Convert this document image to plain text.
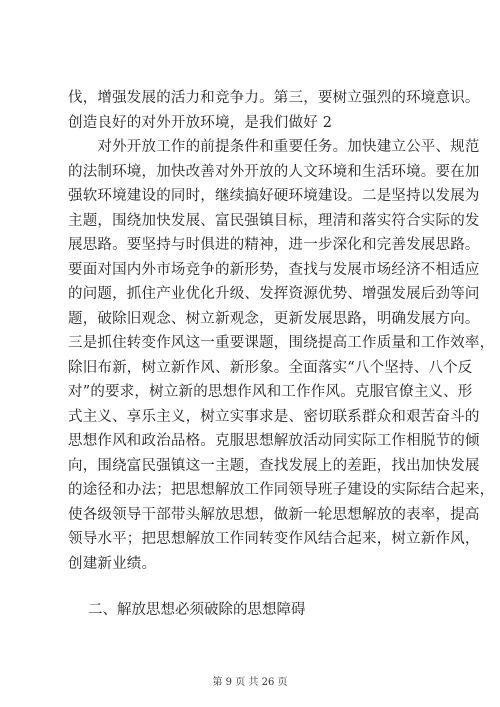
伐，增强发展的活力和竞争力。第三，要树立强烈的环境意识。
创造良好的对外开放环境，是我们做好 2
　　对外开放工作的前提条件和重要任务。加快建立公平、规范
的法制环境，加快改善对外开放的人文环境和生活环境。要在加
强软环境建设的同时，继续搞好硬环境建设。二是坚持以发展为
主题，围绕加快发展、富民强镇目标，理清和落实符合实际的发
展思路。要坚持与时俱进的精神，进一步深化和完善发展思路。
要面对国内外市场竞争的新形势，查找与发展市场经济不相适应
的问题，抓住产业优化升级、发挥资源优势、增强发展后劲等问
题，破除旧观念、树立新观念，更新发展思路，明确发展方向。
三是抓住转变作风这一重要课题，围绕提高工作质量和工作效率，
除旧布新，树立新作风、新形象。全面落实“八个坚持、八个反
对”的要求，树立新的思想作风和工作作风。克服官僚主义、形
式主义、享乐主义，树立实事求是、密切联系群众和艰苦奋斗的
思想作风和政治品格。克服思想解放活动同实际工作相脱节的倾
向，围绕富民强镇这一主题，查找发展上的差距，找出加快发展
的途径和办法；把思想解放工作同领导班子建设的实际结合起来，
使各级领导干部带头解放思想，做新一轮思想解放的表率，提高
领导水平；把思想解放工作同转变作风结合起来，树立新作风，
创建新业绩。
二、解放思想必须破除的思想障碍
第 9 页 共 26 页
